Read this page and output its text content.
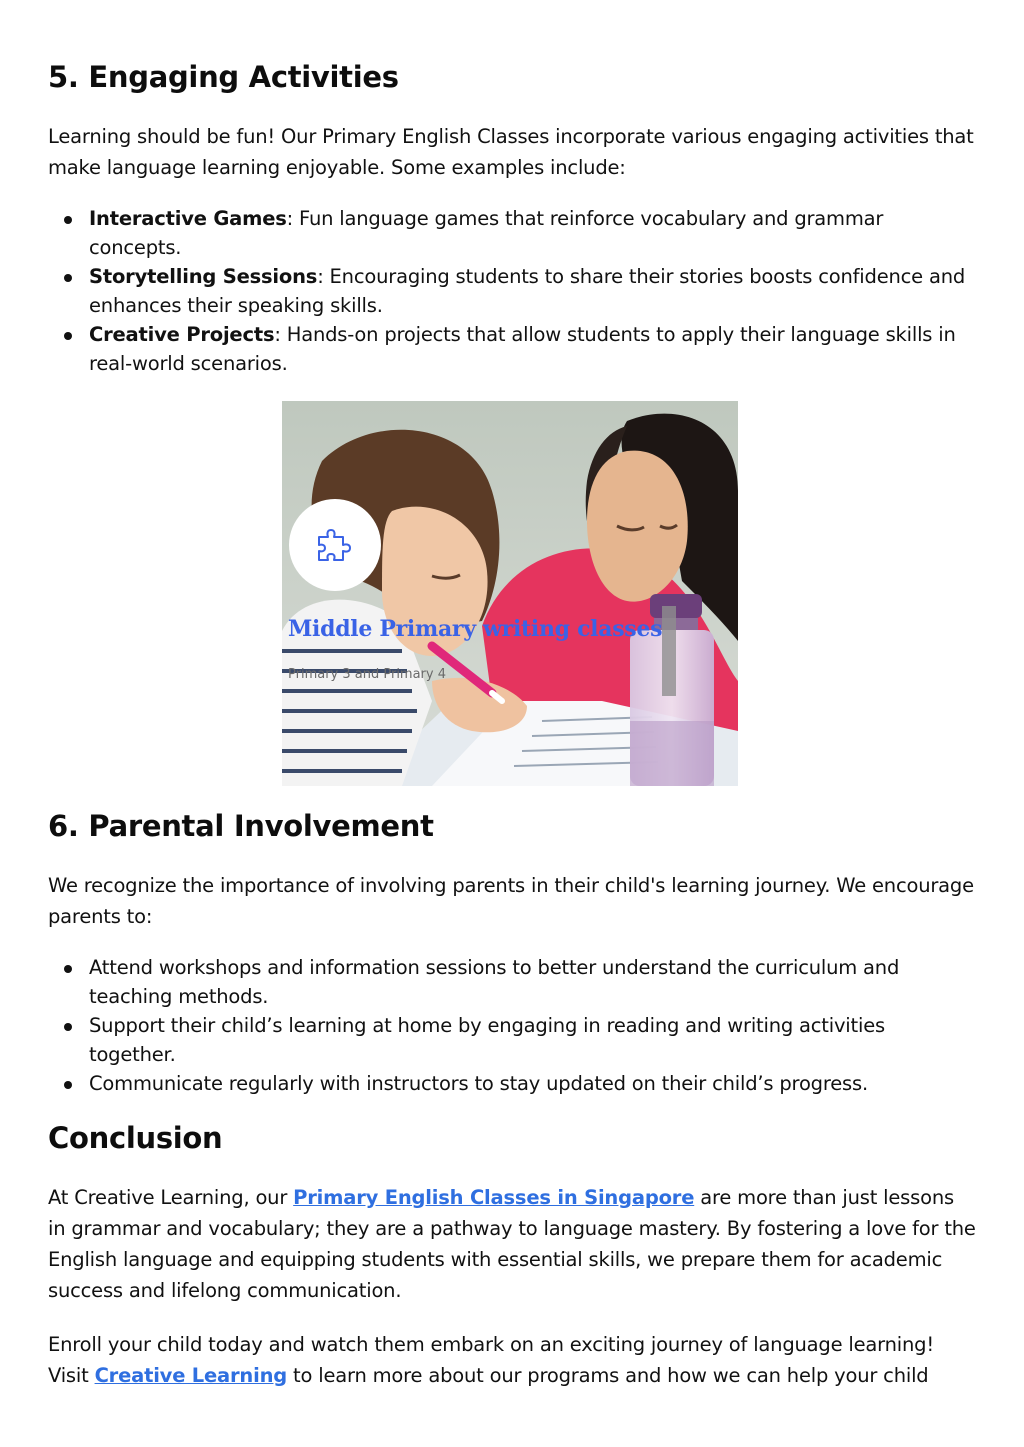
5. Engaging Activities

Learning should be fun! Our Primary English Classes incorporate various engaging activities that make language learning enjoyable. Some examples include:

Interactive Games: Fun language games that reinforce vocabulary and grammar concepts.
Storytelling Sessions: Encouraging students to share their stories boosts confidence and enhances their speaking skills.
Creative Projects: Hands-on projects that allow students to apply their language skills in real-world scenarios.
6. Parental Involvement

We recognize the importance of involving parents in their child's learning journey. We encourage parents to:

Attend workshops and information sessions to better understand the curriculum and teaching methods.
Support their child’s learning at home by engaging in reading and writing activities together.
Communicate regularly with instructors to stay updated on their child’s progress.
Conclusion

At Creative Learning, our Primary English Classes in Singapore are more than just lessons in grammar and vocabulary; they are a pathway to language mastery. By fostering a love for the English language and equipping students with essential skills, we prepare them for academic success and lifelong communication.

Enroll your child today and watch them embark on an exciting journey of language learning! Visit Creative Learning to learn more about our programs and how we can help your child

Middle Primary writing classes
Primary 3 and Primary 4
